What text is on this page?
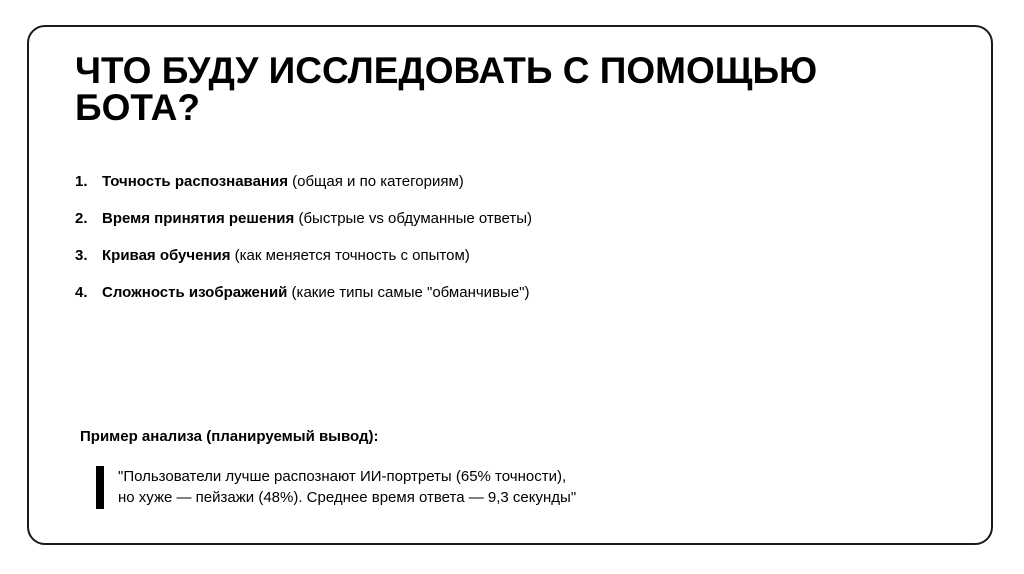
ЧТО БУДУ ИССЛЕДОВАТЬ С ПОМОЩЬЮ
БОТА?
1. Точность распознавания (общая и по категориям)
2. Время принятия решения (быстрые vs обдуманные ответы)
3. Кривая обучения (как меняется точность с опытом)
4. Сложность изображений (какие типы самые "обманчивые")

Пример анализа (планируемый вывод):

"Пользователи лучше распознают ИИ-портреты (65% точности),
но хуже — пейзажи (48%). Среднее время ответа — 9,3 секунды"
